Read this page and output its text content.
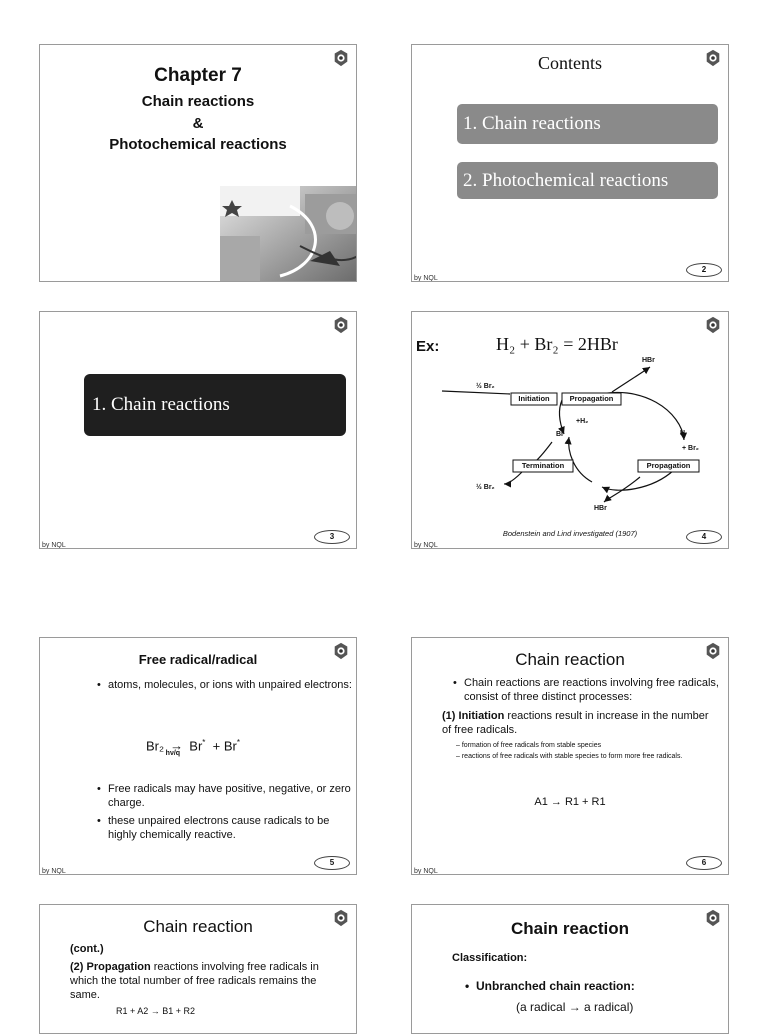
Chapter 7
Chain reactions
&
Photochemical reactions
Contents
1. Chain reactions
2. Photochemical reactions
by NQL
2
1. Chain reactions
by NQL
3
Ex:	H₂ + Br₂ = 2HBr
½ Br₂
Initiation	Propagation
HBr
+H₂
Br	H
+ Br₂
Termination	Propagation
½ Br₂
HBr
Bodenstein and Lind investigated (1907)
by NQL
4
Free radical/radical
• atoms, molecules, or ions with unpaired electrons:
Br₂ →
hν/q
Br* + Br*
• Free radicals may have positive, negative, or zero charge.
• these unpaired electrons cause radicals to be highly chemically reactive.
by NQL
5
Chain reaction
• Chain reactions are reactions involving free radicals, consist of three distinct processes:
(1) Initiation reactions result in increase in the number of free radicals.
– formation of free radicals from stable species
– reactions of free radicals with stable species to form more free radicals.
A1 → R1 + R1
by NQL
6
Chain reaction
(cont.)
(2) Propagation reactions involving free radicals in which the total number of free radicals remains the same.
R1 + A2 → B1 + R2
Chain reaction
Classification:
• Unbranched chain reaction:
(a radical → a radical)
